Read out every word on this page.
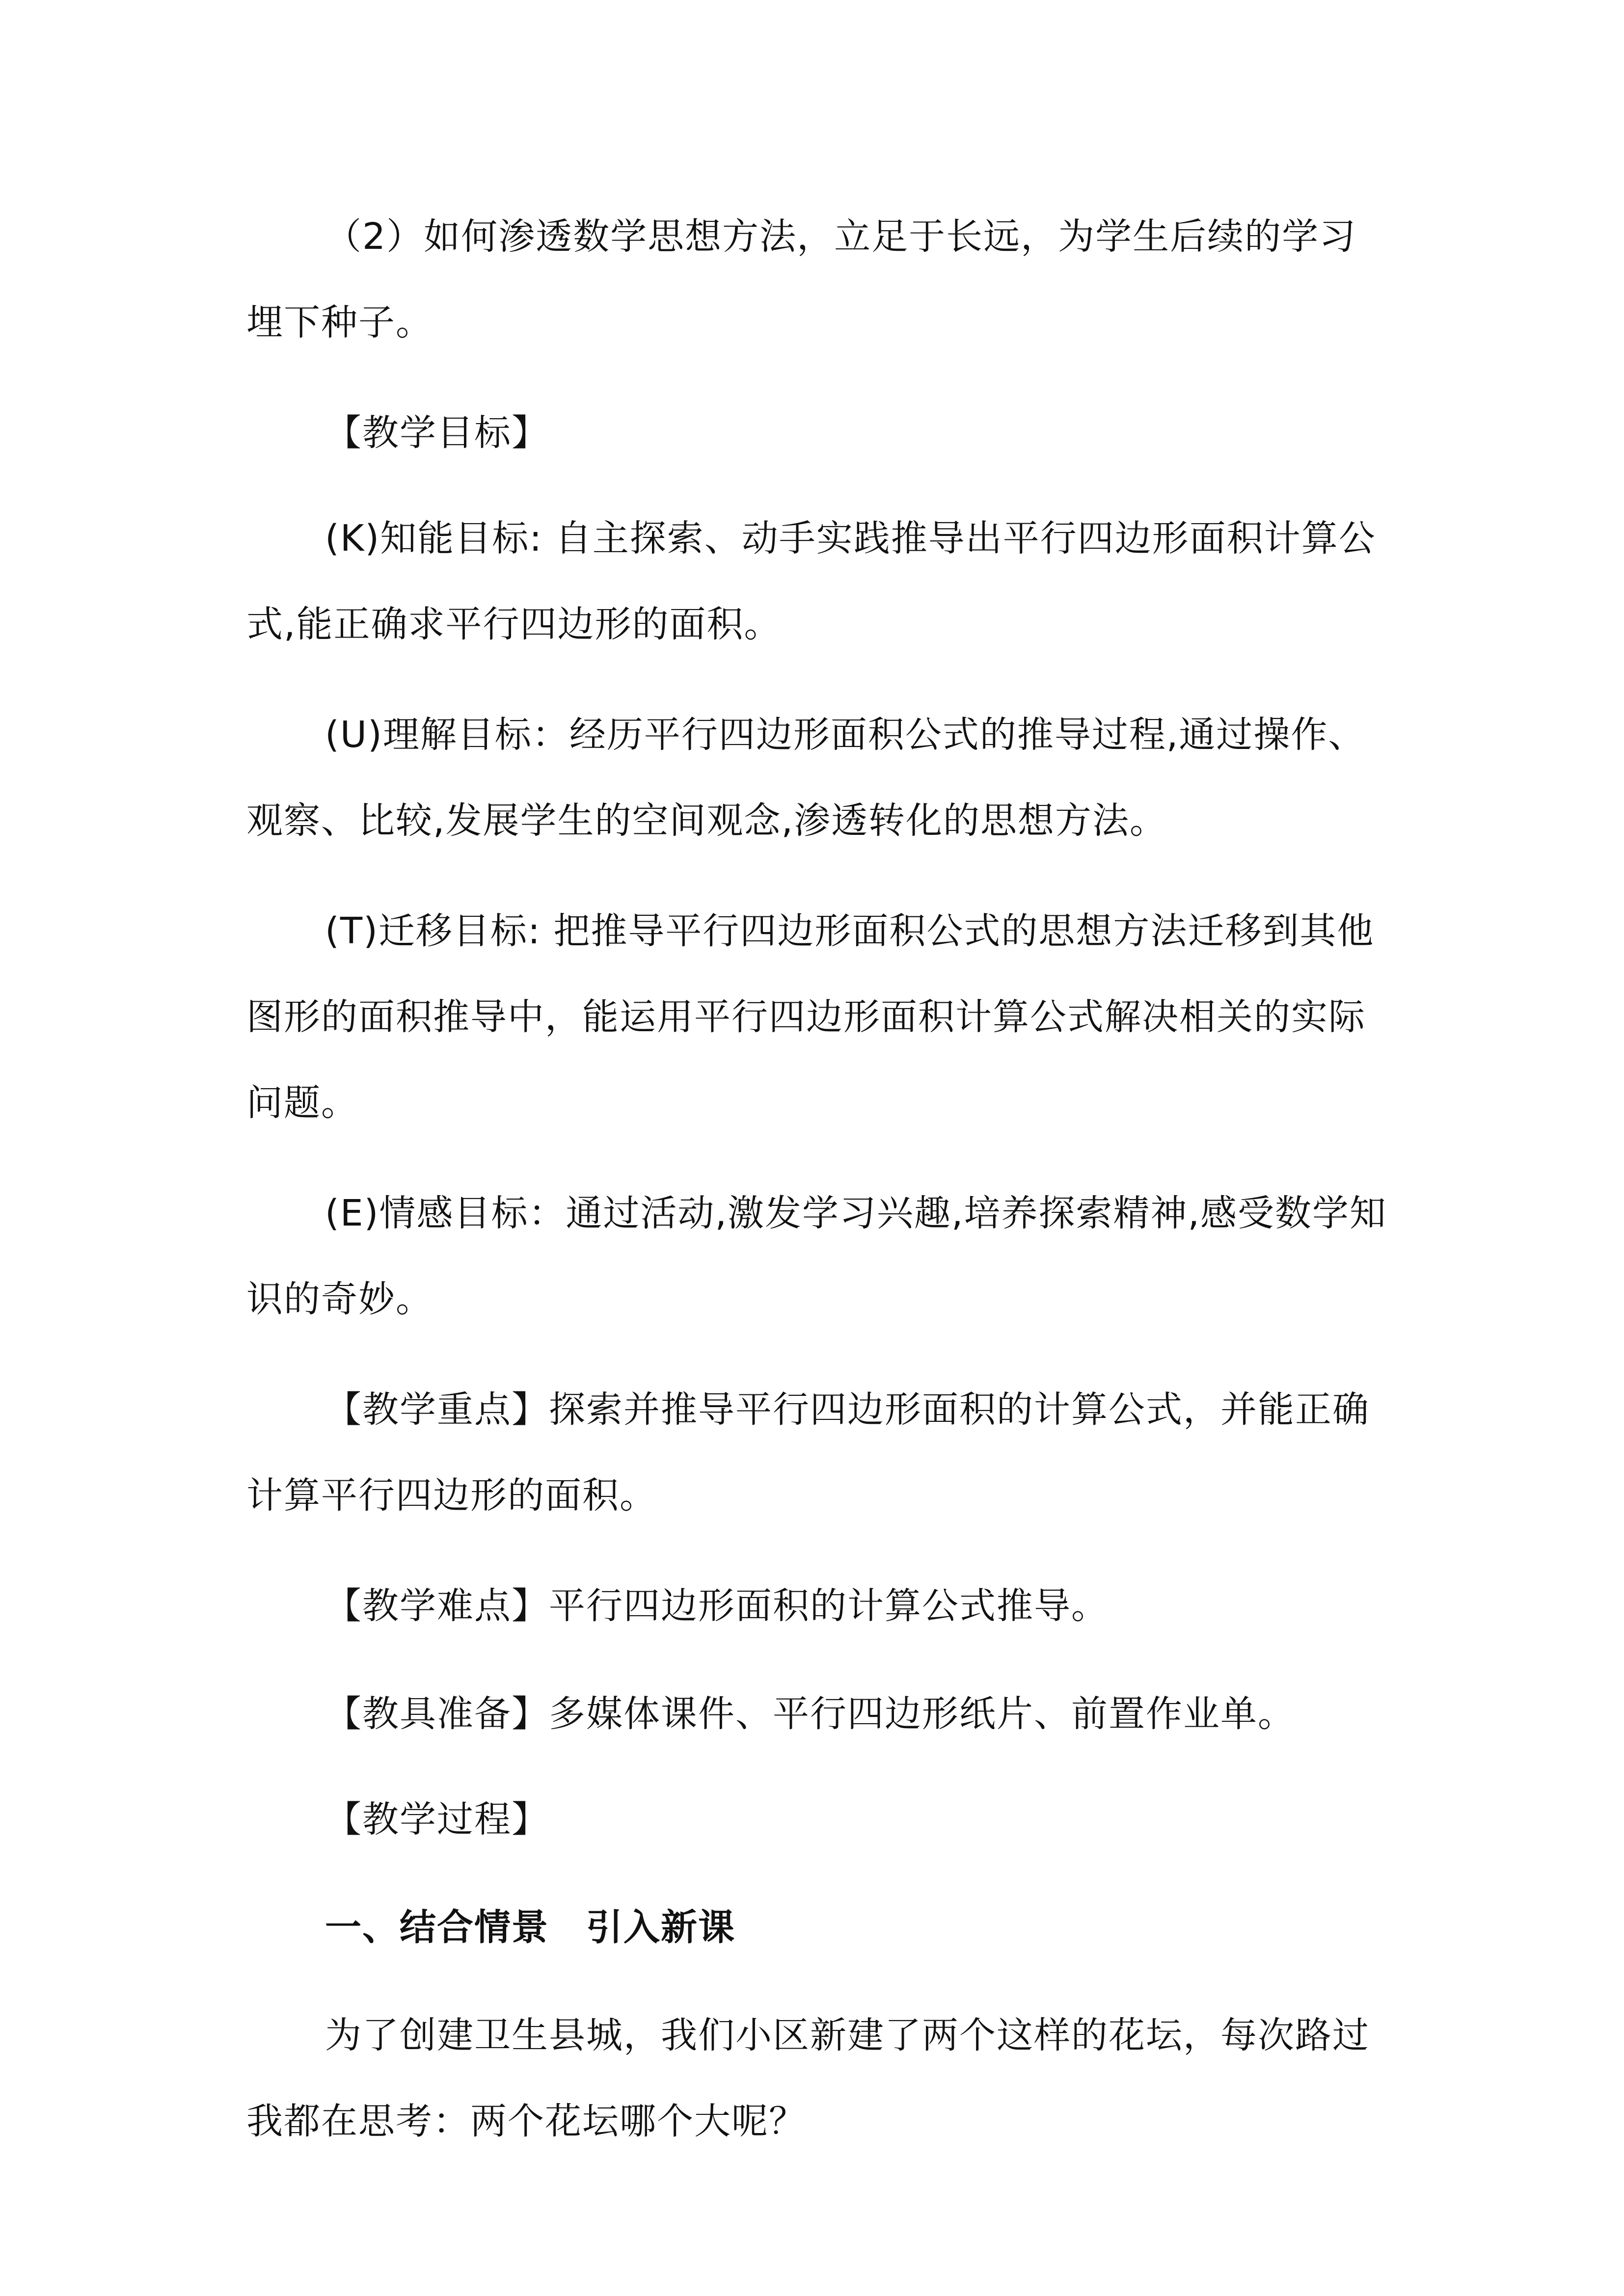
（2）如何渗透数学思想方法，立足于长远，为学生后续的学习埋下种子。

【教学目标】

(K)知能目标: 自主探索、动手实践推导出平行四边形面积计算公式,能正确求平行四边形的面积。

(U)理解目标：经历平行四边形面积公式的推导过程,通过操作、观察、比较,发展学生的空间观念,渗透转化的思想方法。

(T)迁移目标: 把推导平行四边形面积公式的思想方法迁移到其他图形的面积推导中，能运用平行四边形面积计算公式解决相关的实际问题。

(E)情感目标：通过活动,激发学习兴趣,培养探索精神,感受数学知识的奇妙。

【教学重点】探索并推导平行四边形面积的计算公式，并能正确计算平行四边形的面积。

【教学难点】平行四边形面积的计算公式推导。

【教具准备】多媒体课件、平行四边形纸片、前置作业单。

【教学过程】

一、结合情景　引入新课

为了创建卫生县城，我们小区新建了两个这样的花坛，每次路过我都在思考：两个花坛哪个大呢？
